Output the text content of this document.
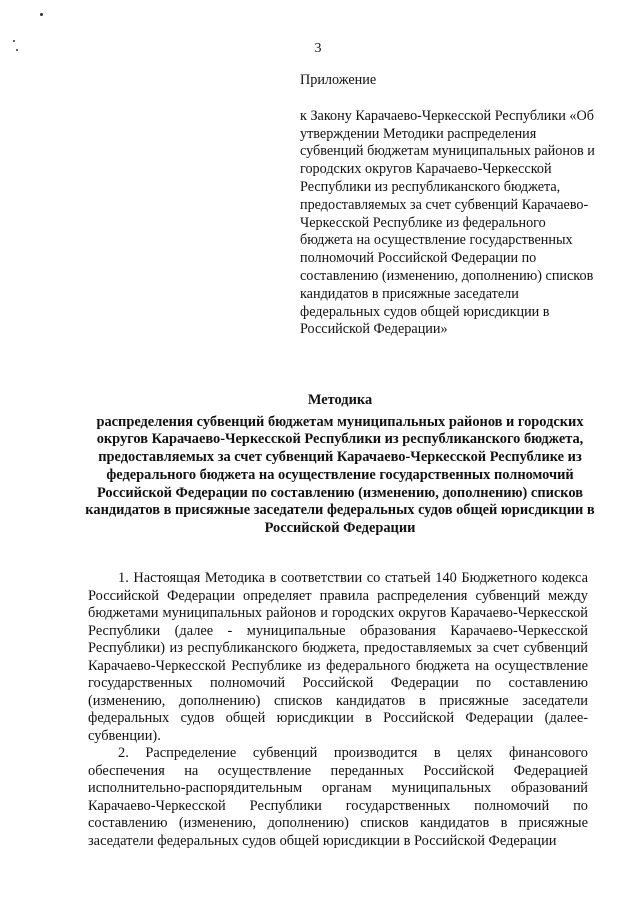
3

Приложение

к Закону Карачаево-Черкесской Республики «Об утверждении Методики распределения субвенций бюджетам муниципальных районов и городских округов Карачаево-Черкесской Республики из республиканского бюджета, предоставляемых за счет субвенций Карачаево-Черкесской Республике из федерального бюджета на осуществление государственных полномочий Российской Федерации по составлению (изменению, дополнению) списков кандидатов в присяжные заседатели федеральных судов общей юрисдикции в Российской Федерации»

Методика

распределения субвенций бюджетам муниципальных районов и городских округов Карачаево-Черкесской Республики из республиканского бюджета, предоставляемых за счет субвенций Карачаево-Черкесской Республике из федерального бюджета на осуществление государственных полномочий Российской Федерации по составлению (изменению, дополнению) списков кандидатов в присяжные заседатели федеральных судов общей юрисдикции в Российской Федерации

1. Настоящая Методика в соответствии со статьей 140 Бюджетного кодекса Российской Федерации определяет правила распределения субвенций между бюджетами муниципальных районов и городских округов Карачаево-Черкесской Республики (далее - муниципальные образования Карачаево-Черкесской Республики) из республиканского бюджета, предоставляемых за счет субвенций Карачаево-Черкесской Республике из федерального бюджета на осуществление государственных полномочий Российской Федерации по составлению (изменению, дополнению) списков кандидатов в присяжные заседатели федеральных судов общей юрисдикции в Российской Федерации (далее- субвенции).

2. Распределение субвенций производится в целях финансового обеспечения на осуществление переданных Российской Федерацией исполнительно-распорядительным органам муниципальных образований Карачаево-Черкесской Республики государственных полномочий по составлению (изменению, дополнению) списков кандидатов в присяжные заседатели федеральных судов общей юрисдикции в Российской Федерации
